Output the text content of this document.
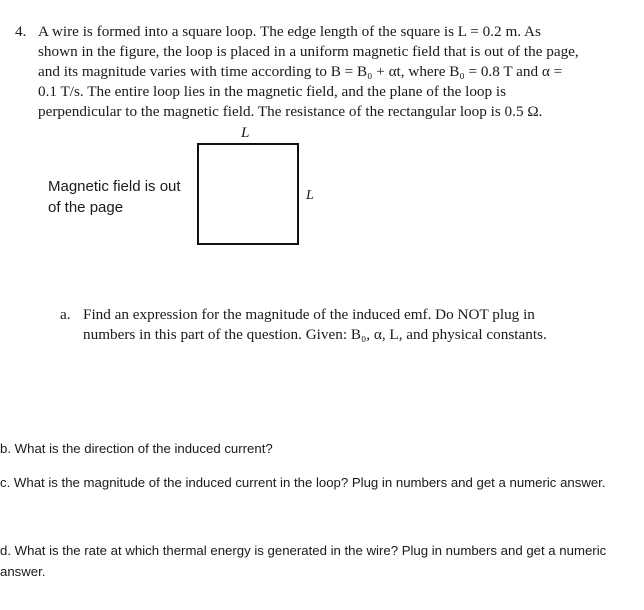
4. A wire is formed into a square loop. The edge length of the square is L = 0.2 m. As
shown in the figure, the loop is placed in a uniform magnetic field that is out of the page,
and its magnitude varies with time according to B = B₀ + αt, where B₀ = 0.8 T and α =
0.1 T/s. The entire loop lies in the magnetic field, and the plane of the loop is
perpendicular to the magnetic field. The resistance of the rectangular loop is 0.5 Ω.
L
L
Magnetic field is out of the page
a. Find an expression for the magnitude of the induced emf. Do NOT plug in
numbers in this part of the question. Given: B₀, α, L, and physical constants.
b. What is the direction of the induced current?
c. What is the magnitude of the induced current in the loop? Plug in numbers and get a numeric answer.
d. What is the rate at which thermal energy is generated in the wire? Plug in numbers and get a numeric
answer.
